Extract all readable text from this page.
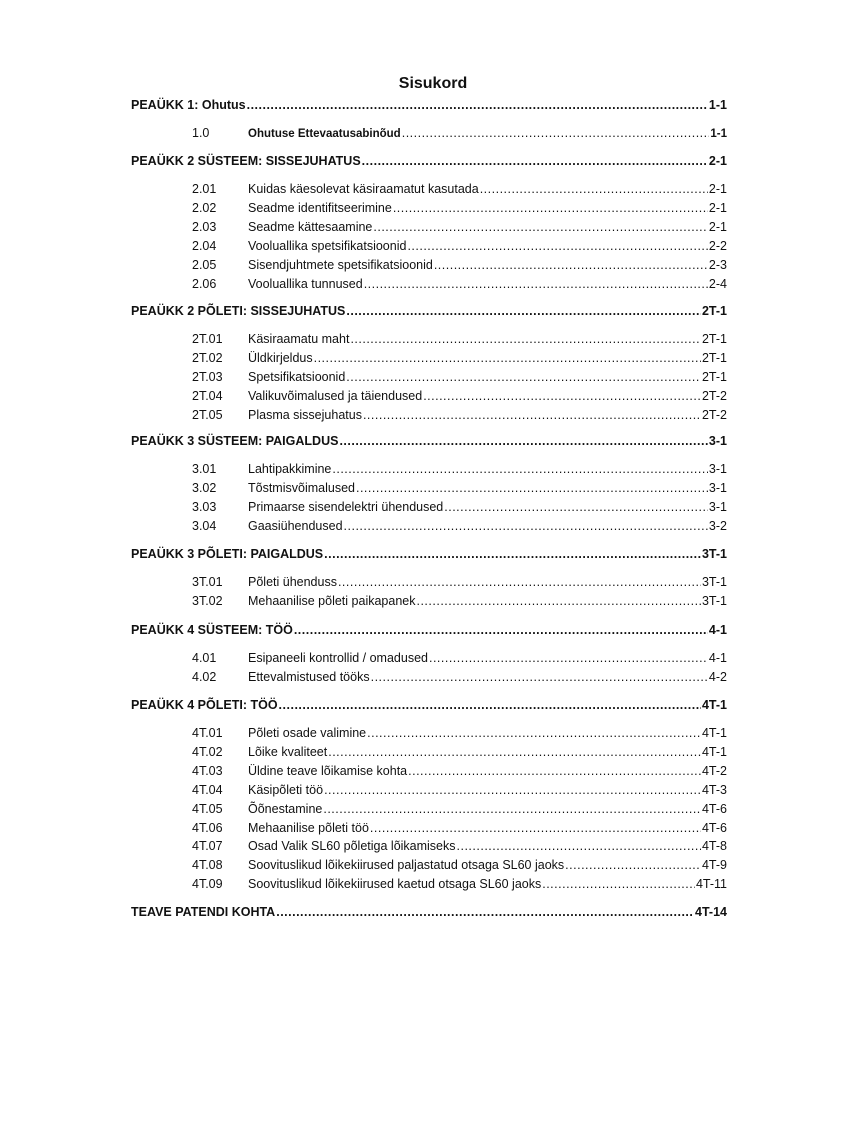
Sisukord
PEAÜKK 1: Ohutus .....	1-1
1.0	Ohutuse Ettevaatusabinõud .....	1-1
PEAÜKK 2 SÜSTEEM: SISSEJUHATUS .....	2-1
2.01	Kuidas käesolevat käsiraamatut kasutada .....	2-1
2.02	Seadme identifitseerimine .....	2-1
2.03	Seadme kättesaamine .....	2-1
2.04	Vooluallika spetsifikatsioonid .....	2-2
2.05	Sisendjuhtmete spetsifikatsioonid .....	2-3
2.06	Vooluallika tunnused .....	2-4
PEAÜKK 2 PÕLETI: SISSEJUHATUS .....	2T-1
2T.01	Käsiraamatu maht .....	2T-1
2T.02	Üldkirjeldus .....	2T-1
2T.03	Spetsifikatsioonid .....	2T-1
2T.04	Valikuvõimalused ja täiendused .....	2T-2
2T.05	Plasma sissejuhatus .....	2T-2
PEAÜKK 3 SÜSTEEM: PAIGALDUS .....	3-1
3.01	Lahtipakkimine .....	3-1
3.02	Tõstmisvõimalused .....	3-1
3.03	Primaarse sisendelektri ühendused .....	3-1
3.04	Gaasiühendused .....	3-2
PEAÜKK 3 PÕLETI: PAIGALDUS .....	3T-1
3T.01	Põleti ühenduss .....	3T-1
3T.02	Mehaanilise põleti paikapanek .....	3T-1
PEAÜKK 4 SÜSTEEM: TÖÖ .....	4-1
4.01	Esipaneeli kontrollid / omadused .....	4-1
4.02	Ettevalmistused tööks .....	4-2
PEAÜKK 4 PÕLETI: TÖÖ .....	4T-1
4T.01	Põleti osade valimine .....	4T-1
4T.02	Lõike kvaliteet .....	4T-1
4T.03	Üldine teave lõikamise kohta .....	4T-2
4T.04	Käsipõleti töö .....	4T-3
4T.05	Õõnestamine .....	4T-6
4T.06	Mehaanilise põleti töö .....	4T-6
4T.07	Osad Valik SL60 põletiga lõikamiseks .....	4T-8
4T.08	Soovituslikud lõikekiirused paljastatud otsaga SL60 jaoks .....	4T-9
4T.09	Soovituslikud lõikekiirused kaetud otsaga SL60 jaoks .....	4T-11
TEAVE PATENDI KOHTA .....	4T-14
